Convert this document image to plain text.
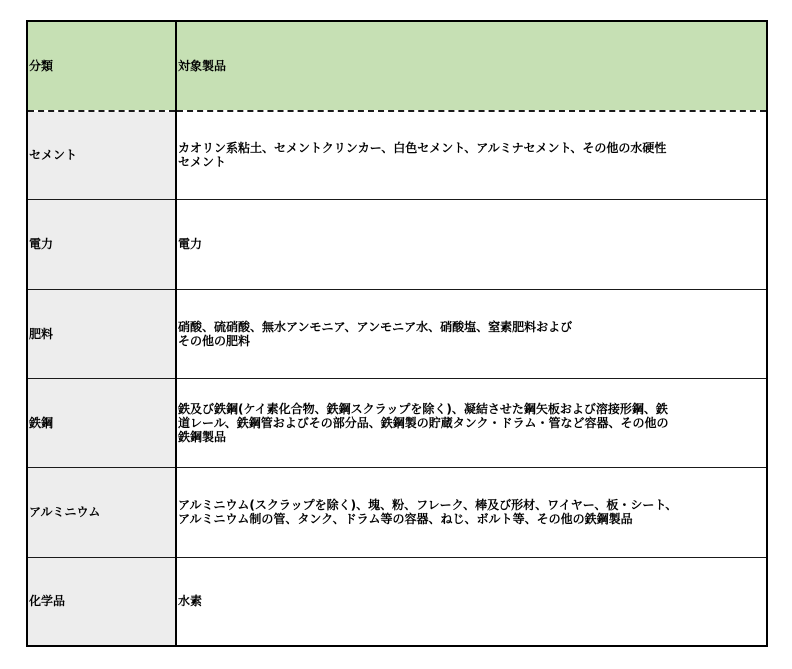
分類	対象製品

セメント	カオリン系粘土、セメントクリンカー、白色セメント、アルミナセメント、その他の水硬性
セメント

電力	電力

肥料	硝酸、硫硝酸、無水アンモニア、アンモニア水、硝酸塩、窒素肥料および
その他の肥料

鉄鋼	鉄及び鉄鋼(ケイ素化合物、鉄鋼スクラップを除く)、凝結させた鋼矢板および溶接形鋼、鉄
道レール、鉄鋼管およびその部分品、鉄鋼製の貯蔵タンク・ドラム・管など容器、その他の
鉄鋼製品

アルミニウム	アルミニウム(スクラップを除く)、塊、粉、フレーク、棒及び形材、ワイヤー、板・シート、
アルミニウム制の管、タンク、ドラム等の容器、ねじ、ボルト等、その他の鉄鋼製品

化学品	水素
